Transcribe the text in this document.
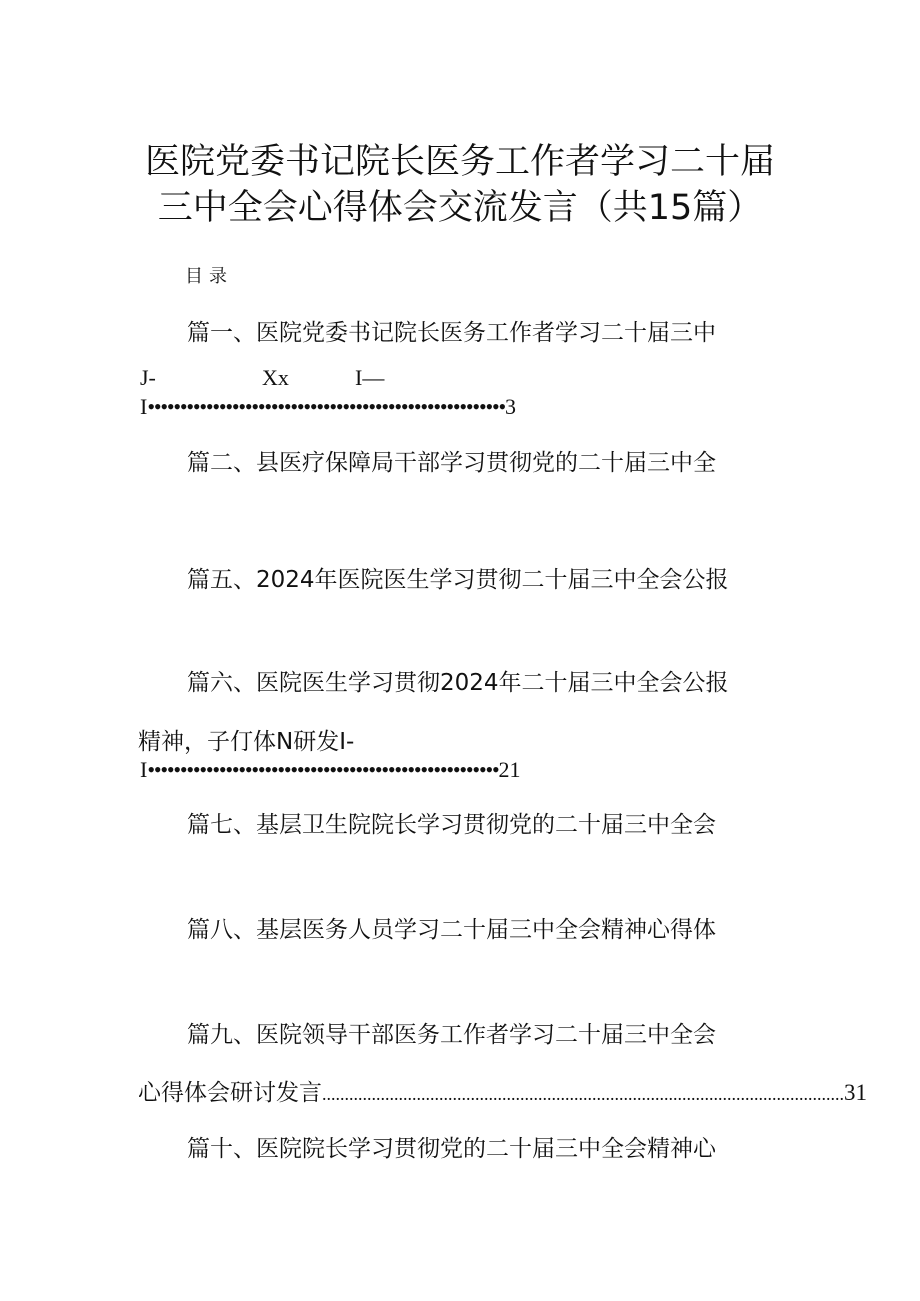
医院党委书记院长医务工作者学习二十届
三中全会心得体会交流发言（共15篇）
目录
篇一、医院党委书记院长医务工作者学习二十届三中
J-	Xx	I—
I•••••••••••••••••••••••••••••••••••••••••••••••••••••••3
篇二、县医疗保障局干部学习贯彻党的二十届三中全
篇五、2024年医院医生学习贯彻二十届三中全会公报
篇六、医院医生学习贯彻2024年二十届三中全会公报
精神，子仃体N研发I-
I••••••••••••••••••••••••••••••••••••••••••••••••••••••21
篇七、基层卫生院院长学习贯彻党的二十届三中全会
篇八、基层医务人员学习二十届三中全会精神心得体
篇九、医院领导干部医务工作者学习二十届三中全会
心得体会研讨发言 .................................................................................................................... 31
篇十、医院院长学习贯彻党的二十届三中全会精神心
